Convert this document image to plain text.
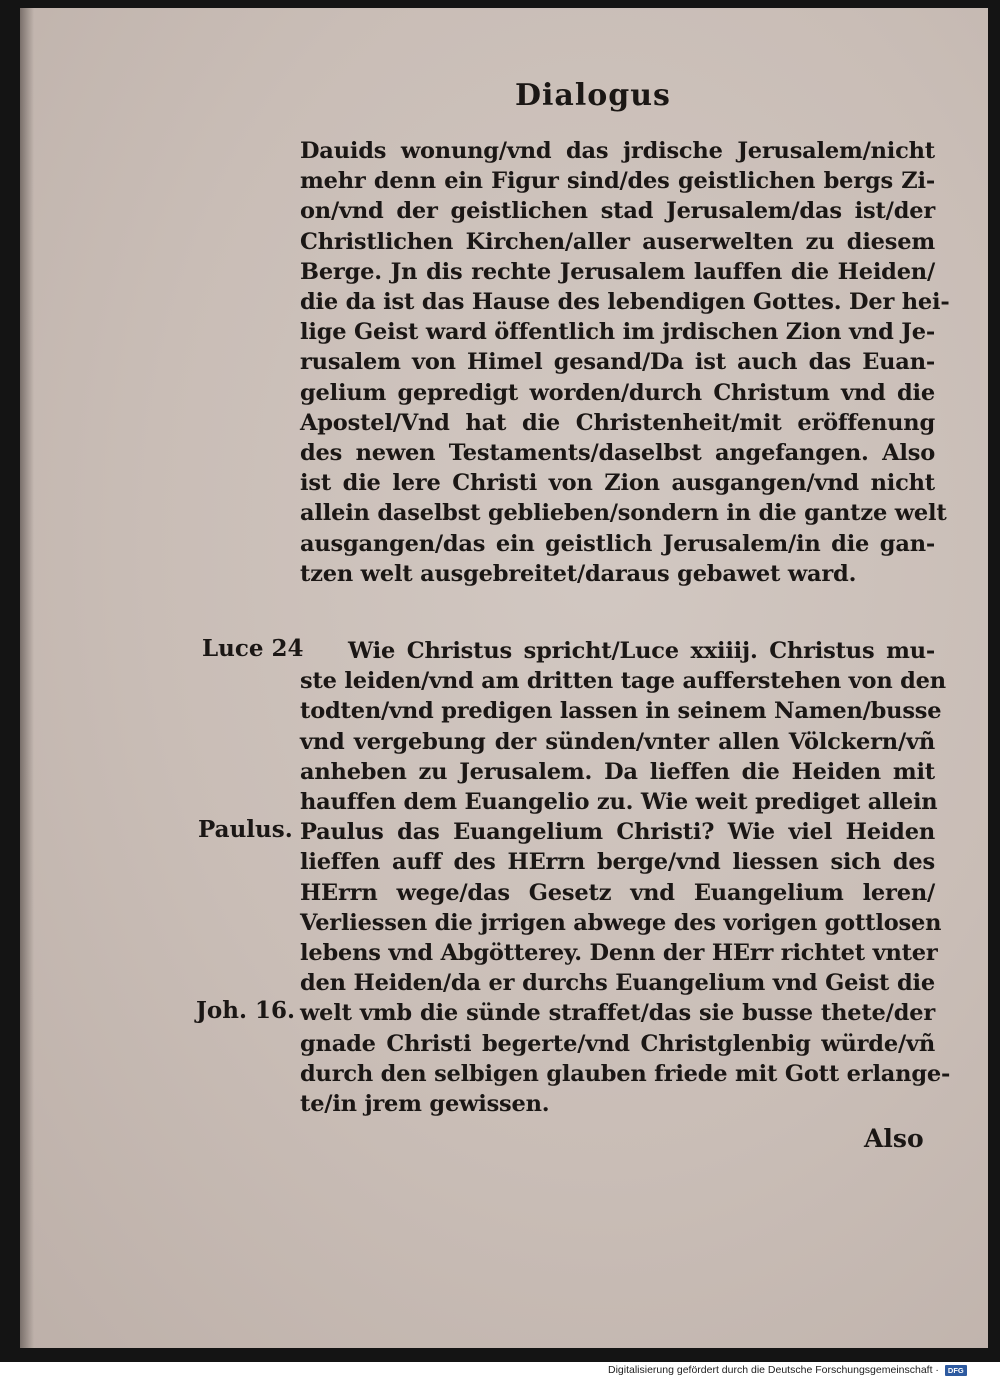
Dialogus
Dauids wonung/vnd das jrdische Jerusalem/nicht
mehr denn ein Figur sind/des geistlichen bergs Zi-
on/vnd der geistlichen stad Jerusalem/das ist/der
Christlichen Kirchen/aller auserwelten zu diesem
Berge. Jn dis rechte Jerusalem lauffen die Heiden/
die da ist das Hause des lebendigen Gottes. Der hei-
lige Geist ward öffentlich im jrdischen Zion vnd Je-
rusalem von Himel gesand/Da ist auch das Euan-
gelium gepredigt worden/durch Christum vnd die
Apostel/Vnd hat die Christenheit/mit eröffenung
des newen Testaments/daselbst angefangen. Also
ist die lere Christi von Zion ausgangen/vnd nicht
allein daselbst geblieben/sondern in die gantze welt
ausgangen/das ein geistlich Jerusalem/in die gan-
tzen welt ausgebreitet/daraus gebawet ward.
Luce 24
Paulus.
Joh. 16.
Wie Christus spricht/Luce xxiiij. Christus mu-
ste leiden/vnd am dritten tage aufferstehen von den
todten/vnd predigen lassen in seinem Namen/busse
vnd vergebung der sünden/vnter allen Völckern/vñ
anheben zu Jerusalem. Da lieffen die Heiden mit
hauffen dem Euangelio zu. Wie weit prediget allein
Paulus das Euangelium Christi? Wie viel Heiden
lieffen auff des HErrn berge/vnd liessen sich des
HErrn wege/das Gesetz vnd Euangelium leren/
Verliessen die jrrigen abwege des vorigen gottlosen
lebens vnd Abgötterey. Denn der HErr richtet vnter
den Heiden/da er durchs Euangelium vnd Geist die
welt vmb die sünde straffet/das sie busse thete/der
gnade Christi begerte/vnd Christglenbig würde/vñ
durch den selbigen glauben friede mit Gott erlange-
te/in jrem gewissen.
Also
Digitalisierung gefördert durch die Deutsche Forschungsgemeinschaft · DFG
